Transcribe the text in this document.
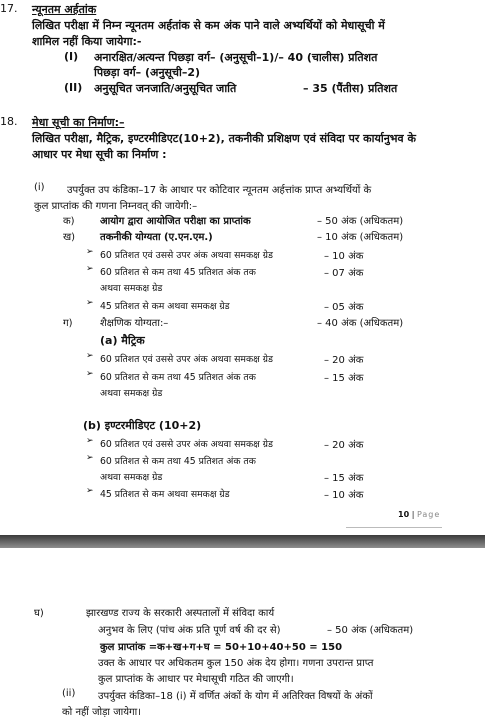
17. न्यूनतम अर्हतांक
लिखित परीक्षा में निम्न न्यूनतम अर्हतांक से कम अंक पाने वाले अभ्यर्थियों को मेधासूची में
शामिल नहीं किया जायेगा:-
(I) अनारक्षित/अत्यन्त पिछड़ा वर्ग– (अनुसूची–1)/– 40 (चालीस) प्रतिशत
पिछड़ा वर्ग– (अनुसूची–2)
(II) अनुसूचित जनजाति/अनुसूचित जाति	– 35 (पैंतीस) प्रतिशत
18. मेधा सूची का निर्माण:–
लिखित परीक्षा, मैट्रिक, इण्टरमीडिएट(10+2), तकनीकी प्रशिक्षण एवं संविदा पर कार्यानुभव के
आधार पर मेधा सूची का निर्माण :
(i) उपर्युक्त उप कंडिका–17 के आधार पर कोटिवार न्यूनतम अर्हत्तांक प्राप्त अभ्यर्थियों के
कुल प्राप्तांक की गणना निम्नवत् की जायेगी:–
क)	आयोग द्वारा आयोजित परीक्षा का प्राप्तांक	– 50 अंक (अधिकतम)
ख) तकनीकी योग्यता (ए.एन.एम.)	– 10 अंक (अधिकतम)
➢ 60 प्रतिशत एवं उससे उपर अंक अथवा समकक्ष ग्रेड	– 10 अंक
➢ 60 प्रतिशत से कम तथा 45 प्रतिशत अंक तक	– 07 अंक
अथवा समकक्ष ग्रेड
➢ 45 प्रतिशत से कम अथवा समकक्ष ग्रेड	– 05 अंक
ग)	शैक्षणिक योग्यता:–	– 40 अंक (अधिकतम)
(a) मैट्रिक
➢ 60 प्रतिशत एवं उससे उपर अंक अथवा समकक्ष ग्रेड	– 20 अंक
➢ 60 प्रतिशत से कम तथा 45 प्रतिशत अंक तक	– 15 अंक
अथवा समकक्ष ग्रेड
(b) इण्टरमीडिएट (10+2)
➢ 60 प्रतिशत एवं उससे उपर अंक अथवा समकक्ष ग्रेड	– 20 अंक
➢ 60 प्रतिशत से कम तथा 45 प्रतिशत अंक तक
अथवा समकक्ष ग्रेड	– 15 अंक
➢ 45 प्रतिशत से कम अथवा समकक्ष ग्रेड	– 10 अंक
10 | Page
घ)	झारखण्ड राज्य के सरकारी अस्पतालों में संविदा कार्य
अनुभव के लिए (पांच अंक प्रति पूर्ण वर्ष की दर से)	– 50 अंक (अधिकतम)
कुल प्राप्तांक =क+ख+ग+घ = 50+10+40+50 = 150
उक्त के आधार पर अधिकतम कुल 150 अंक देय होगा। गणना उपरान्त प्राप्त
कुल प्राप्तांक के आधार पर मेधासूची गठित की जाएगी।
(ii) उपर्युक्त कंडिका–18 (i) में वर्णित अंकों के योग में अतिरिक्त विषयों के अंकों
को नहीं जोड़ा जायेगा।
